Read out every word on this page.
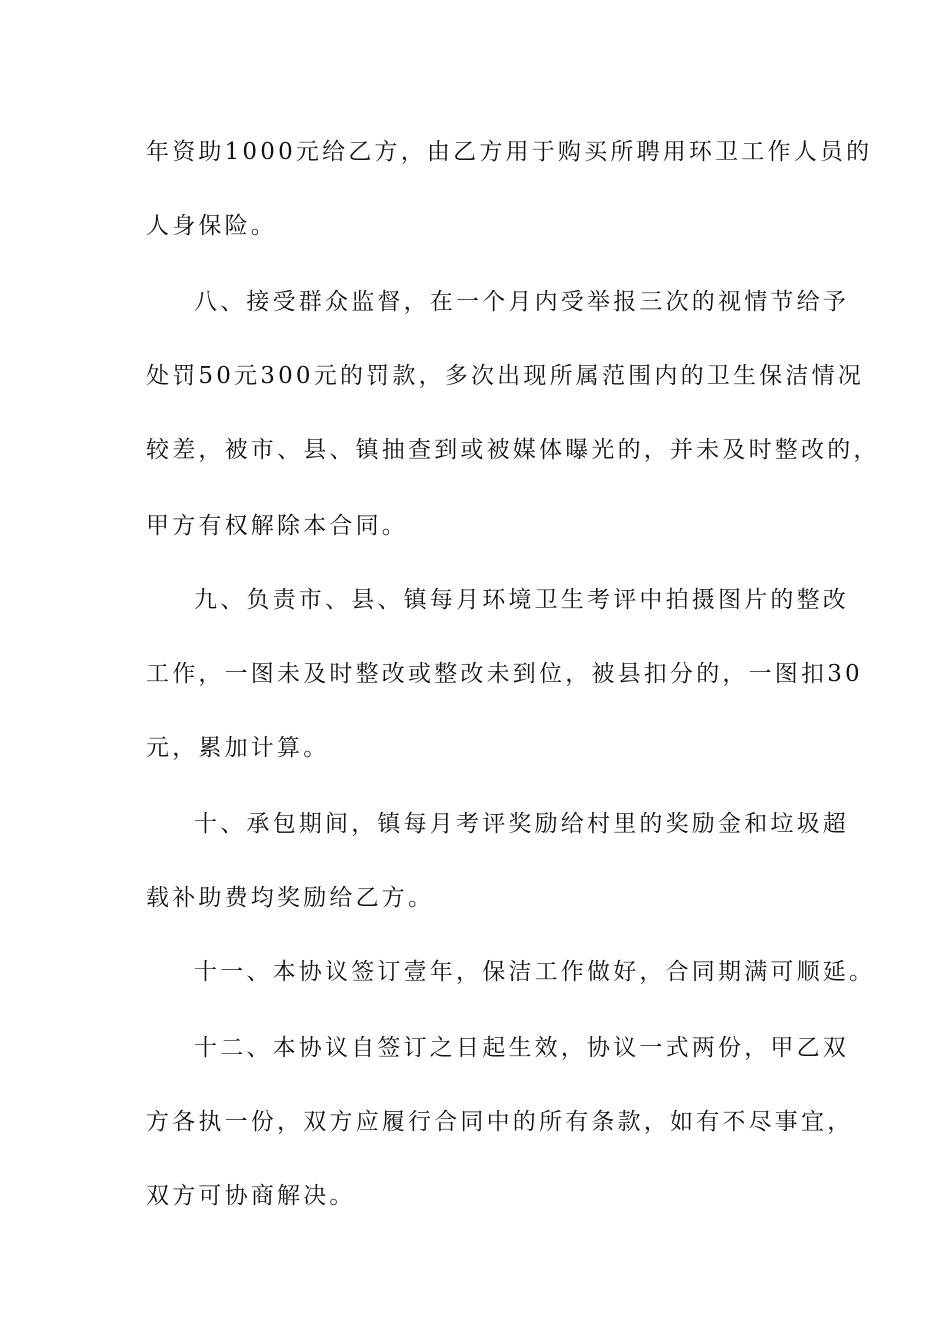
年资助1000元给乙方，由乙方用于购买所聘用环卫工作人员的
人身保险。
八、接受群众监督，在一个月内受举报三次的视情节给予
处罚50元300元的罚款，多次出现所属范围内的卫生保洁情况
较差，被市、县、镇抽查到或被媒体曝光的，并未及时整改的，
甲方有权解除本合同。
九、负责市、县、镇每月环境卫生考评中拍摄图片的整改
工作，一图未及时整改或整改未到位，被县扣分的，一图扣30
元，累加计算。
十、承包期间，镇每月考评奖励给村里的奖励金和垃圾超
载补助费均奖励给乙方。
十一、本协议签订壹年，保洁工作做好，合同期满可顺延。
十二、本协议自签订之日起生效，协议一式两份，甲乙双
方各执一份，双方应履行合同中的所有条款，如有不尽事宜，
双方可协商解决。
